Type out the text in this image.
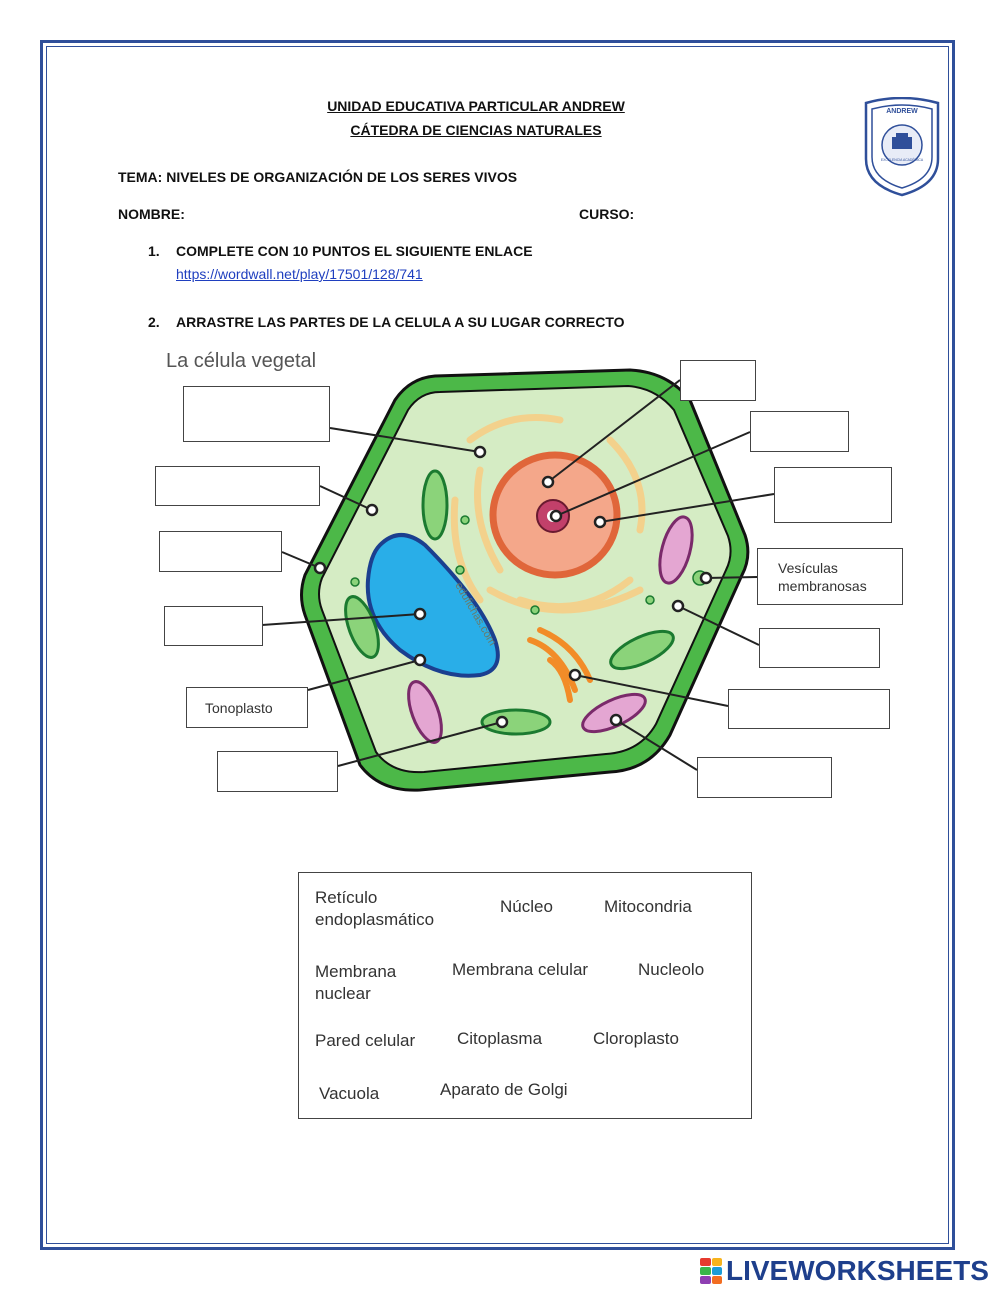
UNIDAD EDUCATIVA PARTICULAR ANDREW
CÁTEDRA DE CIENCIAS NATURALES
ANDREW
EXCELENCIA ACADÉMICA
TEMA: NIVELES DE ORGANIZACIÓN DE LOS SERES VIVOS
NOMBRE:	CURSO:
1. COMPLETE CON 10 PUNTOS EL SIGUIENTE ENLACE
https://wordwall.net/play/17501/128/741
2. ARRASTRE LAS PARTES DE LA CELULA A SU LUGAR CORRECTO
La célula vegetal
edufichas.com
Tonoplasto
Vesículas membranosas
Retículo endoplasmático
Núcleo	Mitocondria
Membrana nuclear
Membrana celular	Nucleolo
Pared celular Citoplasma	Cloroplasto
Vacuola	Aparato de Golgi
LIVEWORKSHEETS
